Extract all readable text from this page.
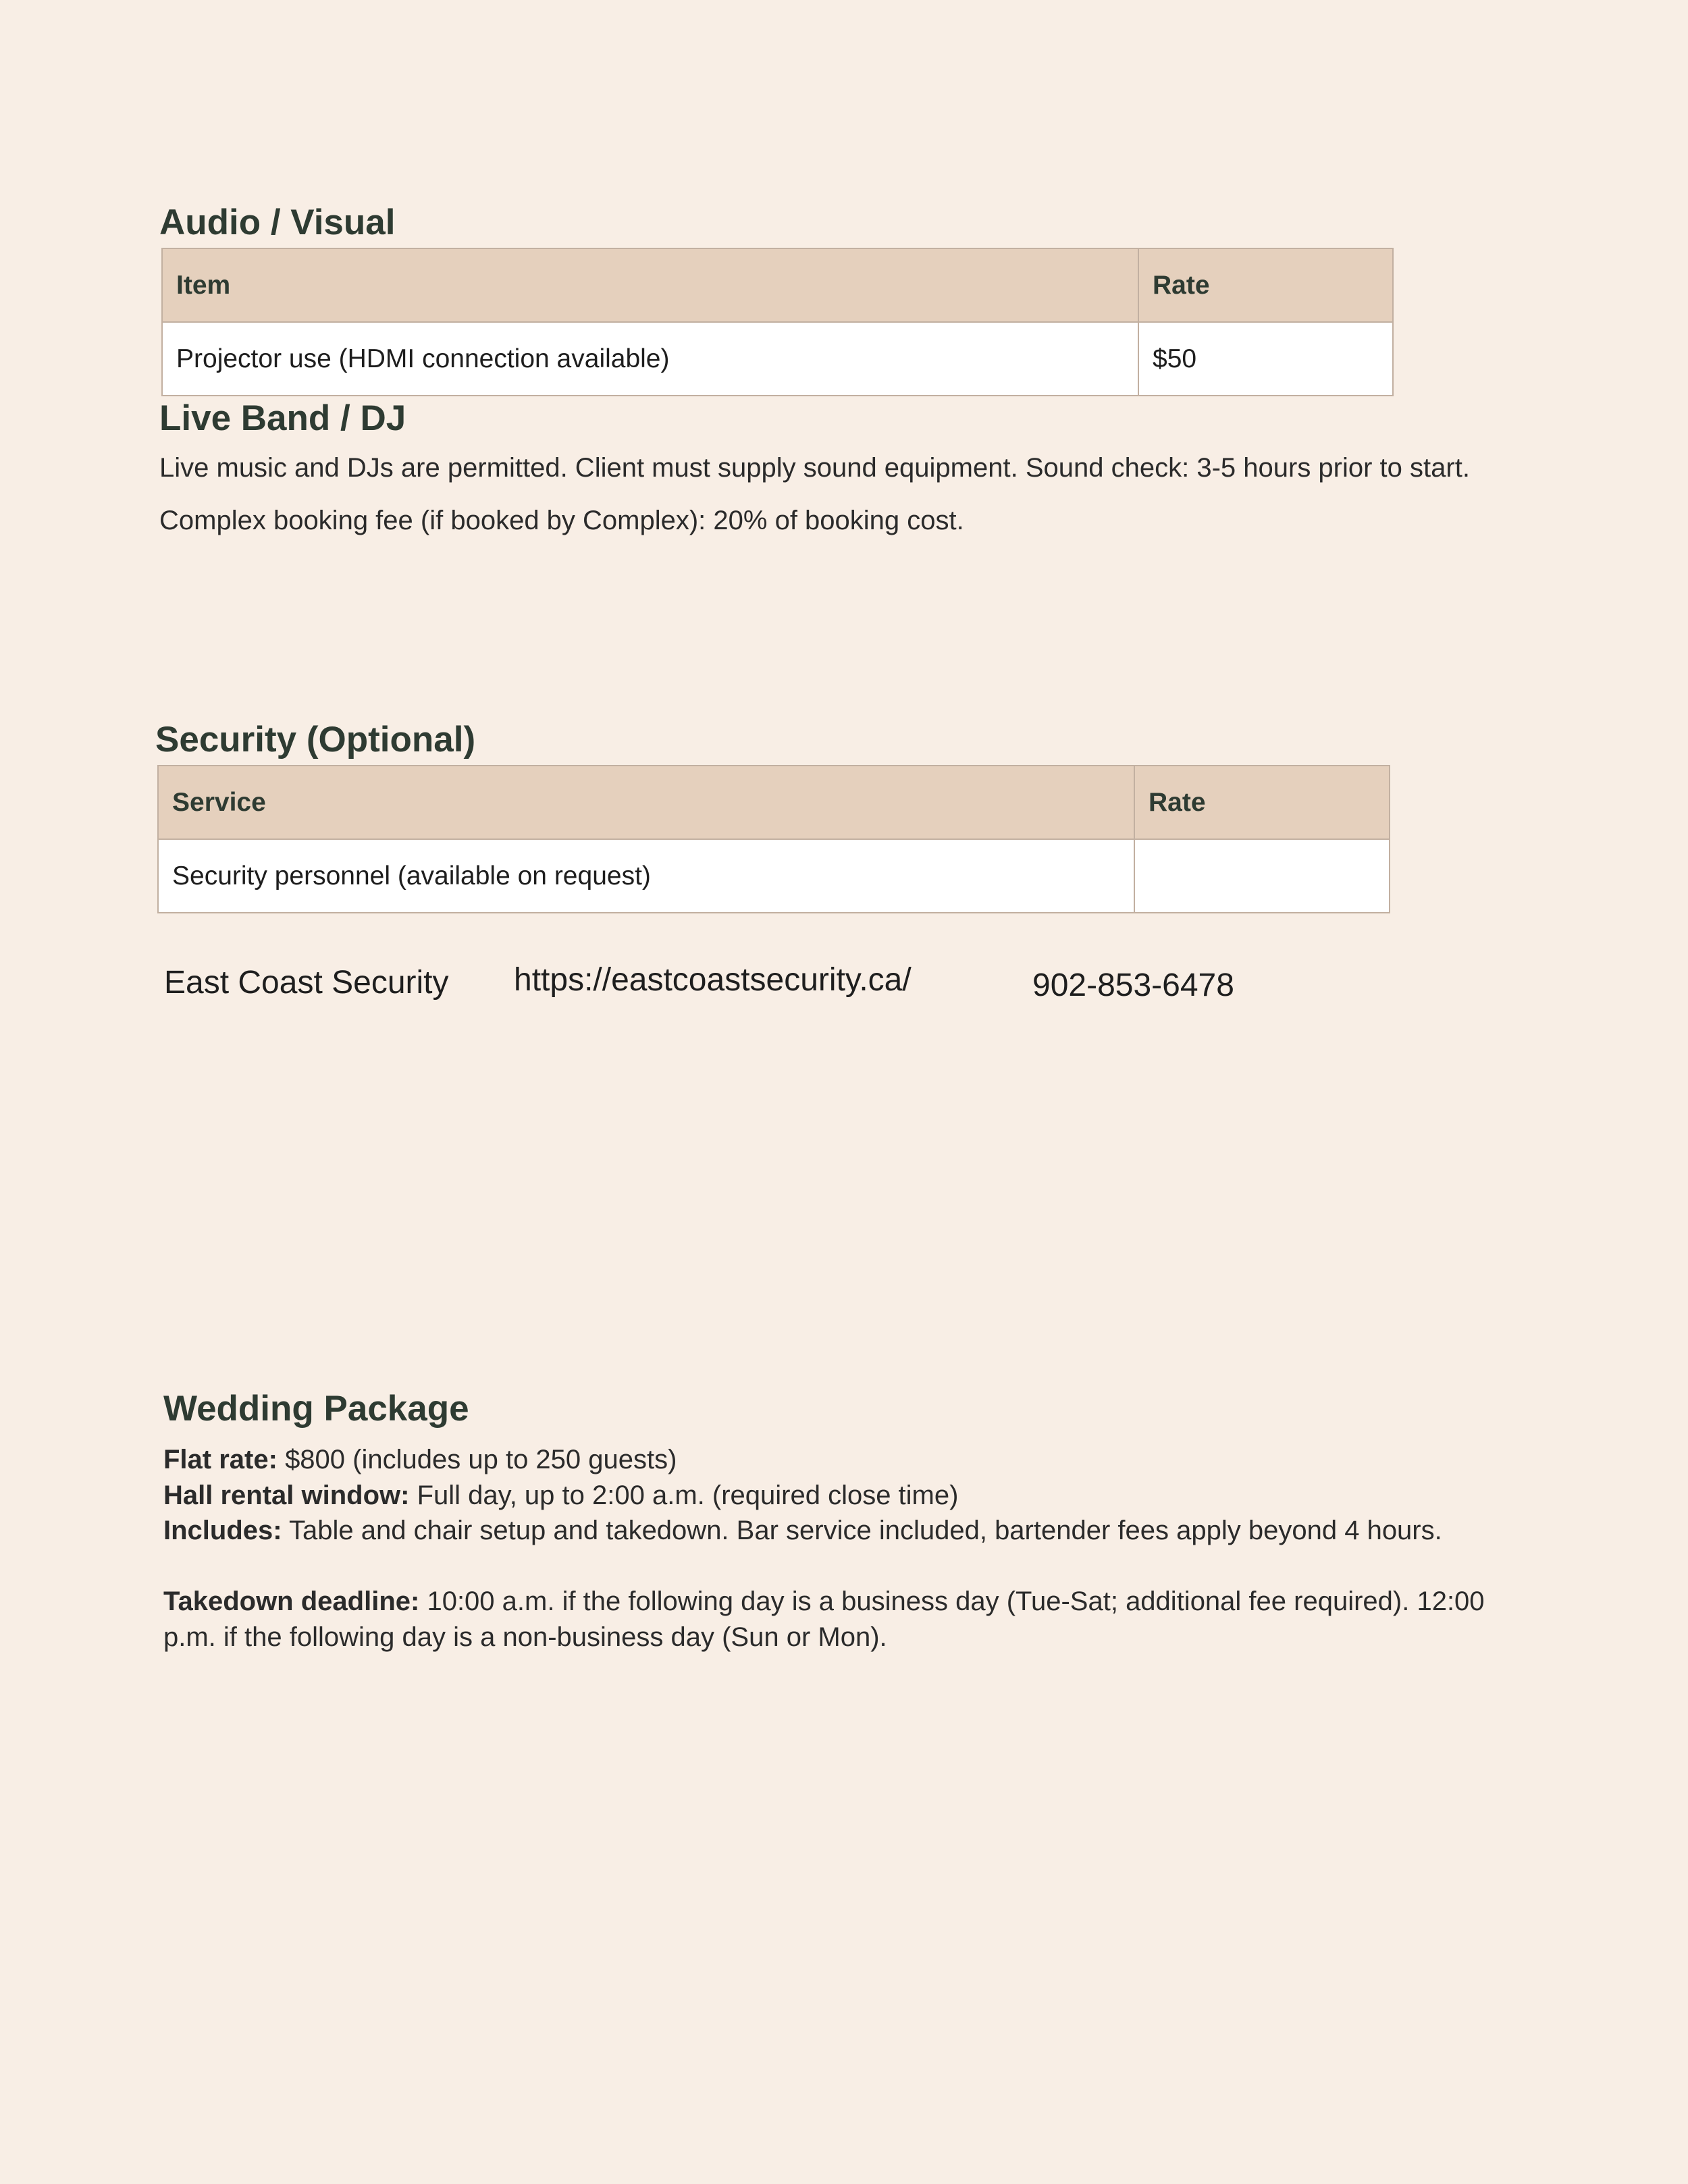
Audio / Visual
Item	Rate
Projector use (HDMI connection available)	$50
Live Band / DJ
Live music and DJs are permitted. Client must supply sound equipment. Sound check: 3-5 hours prior to start.
Complex booking fee (if booked by Complex): 20% of booking cost.
Security (Optional)
Service	Rate
Security personnel (available on request)	
East Coast Security https://eastcoastsecurity.ca/	902-853-6478
Wedding Package
Flat rate: $800 (includes up to 250 guests)
Hall rental window: Full day, up to 2:00 a.m. (required close time)
Includes: Table and chair setup and takedown. Bar service included, bartender fees apply beyond 4 hours.
Takedown deadline: 10:00 a.m. if the following day is a business day (Tue-Sat; additional fee required). 12:00 p.m. if the following day is a non-business day (Sun or Mon).
